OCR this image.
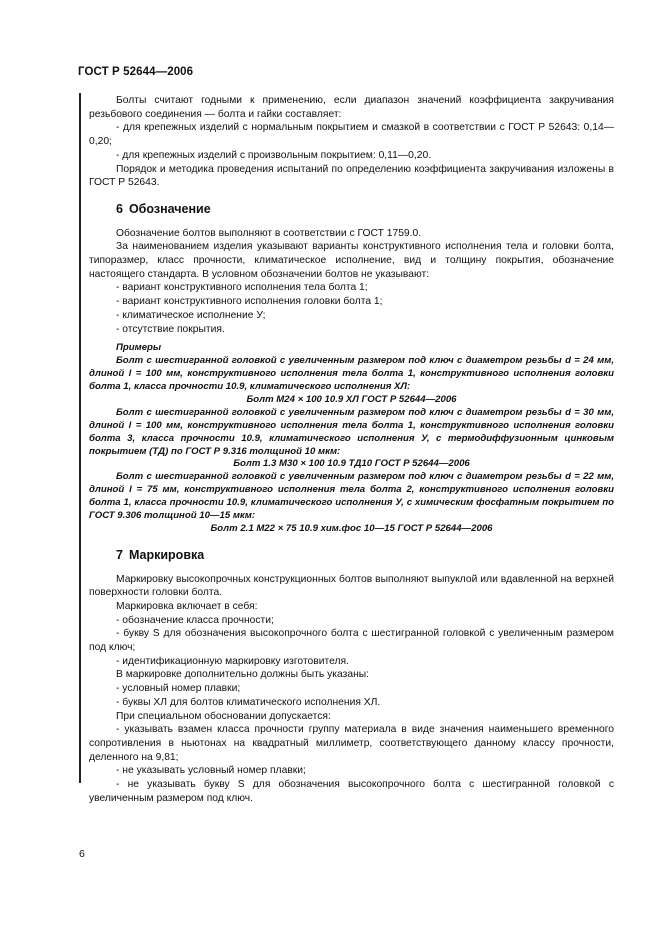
ГОСТ Р 52644—2006

Болты считают годными к применению, если диапазон значений коэффициента закручивания резьбового соединения — болта и гайки составляет:

- для крепежных изделий с нормальным покрытием и смазкой в соответствии с ГОСТ Р 52643: 0,14—0,20;

- для крепежных изделий с произвольным покрытием: 0,11—0,20.

Порядок и методика проведения испытаний по определению коэффициента закручивания изложены в ГОСТ Р 52643.

6 Обозначение

Обозначение болтов выполняют в соответствии с ГОСТ 1759.0.

За наименованием изделия указывают варианты конструктивного исполнения тела и головки болта, типоразмер, класс прочности, климатическое исполнение, вид и толщину покрытия, обозначение настоящего стандарта. В условном обозначении болтов не указывают:

- вариант конструктивного исполнения тела болта 1;

- вариант конструктивного исполнения головки болта 1;

- климатическое исполнение У;

- отсутствие покрытия.

Примеры

Болт с шестигранной головкой с увеличенным размером под ключ с диаметром резьбы d = 24 мм, длиной l = 100 мм, конструктивного исполнения тела болта 1, конструктивного исполнения головки болта 1, класса прочности 10.9, климатического исполнения ХЛ:

Болт М24 × 100 10.9 ХЛ ГОСТ Р 52644—2006

Болт с шестигранной головкой с увеличенным размером под ключ с диаметром резьбы d = 30 мм, длиной l = 100 мм, конструктивного исполнения тела болта 1, конструктивного исполнения головки болта 3, класса прочности 10.9, климатического исполнения У, с термодиффузионным цинковым покрытием (ТД) по ГОСТ Р 9.316 толщиной 10 мкм:

Болт 1.3 М30 × 100 10.9 ТД10 ГОСТ Р 52644—2006

Болт с шестигранной головкой с увеличенным размером под ключ с диаметром резьбы d = 22 мм, длиной l = 75 мм, конструктивного исполнения тела болта 2, конструктивного исполнения головки болта 1, класса прочности 10.9, климатического исполнения У, с химическим фосфатным покрытием по ГОСТ 9.306 толщиной 10—15 мкм:

Болт 2.1 М22 × 75 10.9 хим.фос 10—15 ГОСТ Р 52644—2006

7 Маркировка

Маркировку высокопрочных конструкционных болтов выполняют выпуклой или вдавленной на верхней поверхности головки болта.

Маркировка включает в себя:

- обозначение класса прочности;

- букву S для обозначения высокопрочного болта с шестигранной головкой с увеличенным размером под ключ;

- идентификационную маркировку изготовителя.

В маркировке дополнительно должны быть указаны:

- условный номер плавки;

- буквы ХЛ для болтов климатического исполнения ХЛ.

При специальном обосновании допускается:

- указывать взамен класса прочности группу материала в виде значения наименьшего временного сопротивления в ньютонах на квадратный миллиметр, соответствующего данному классу прочности, деленного на 9,81;

- не указывать условный номер плавки;

- не указывать букву S для обозначения высокопрочного болта с шестигранной головкой с увеличенным размером под ключ.

6
